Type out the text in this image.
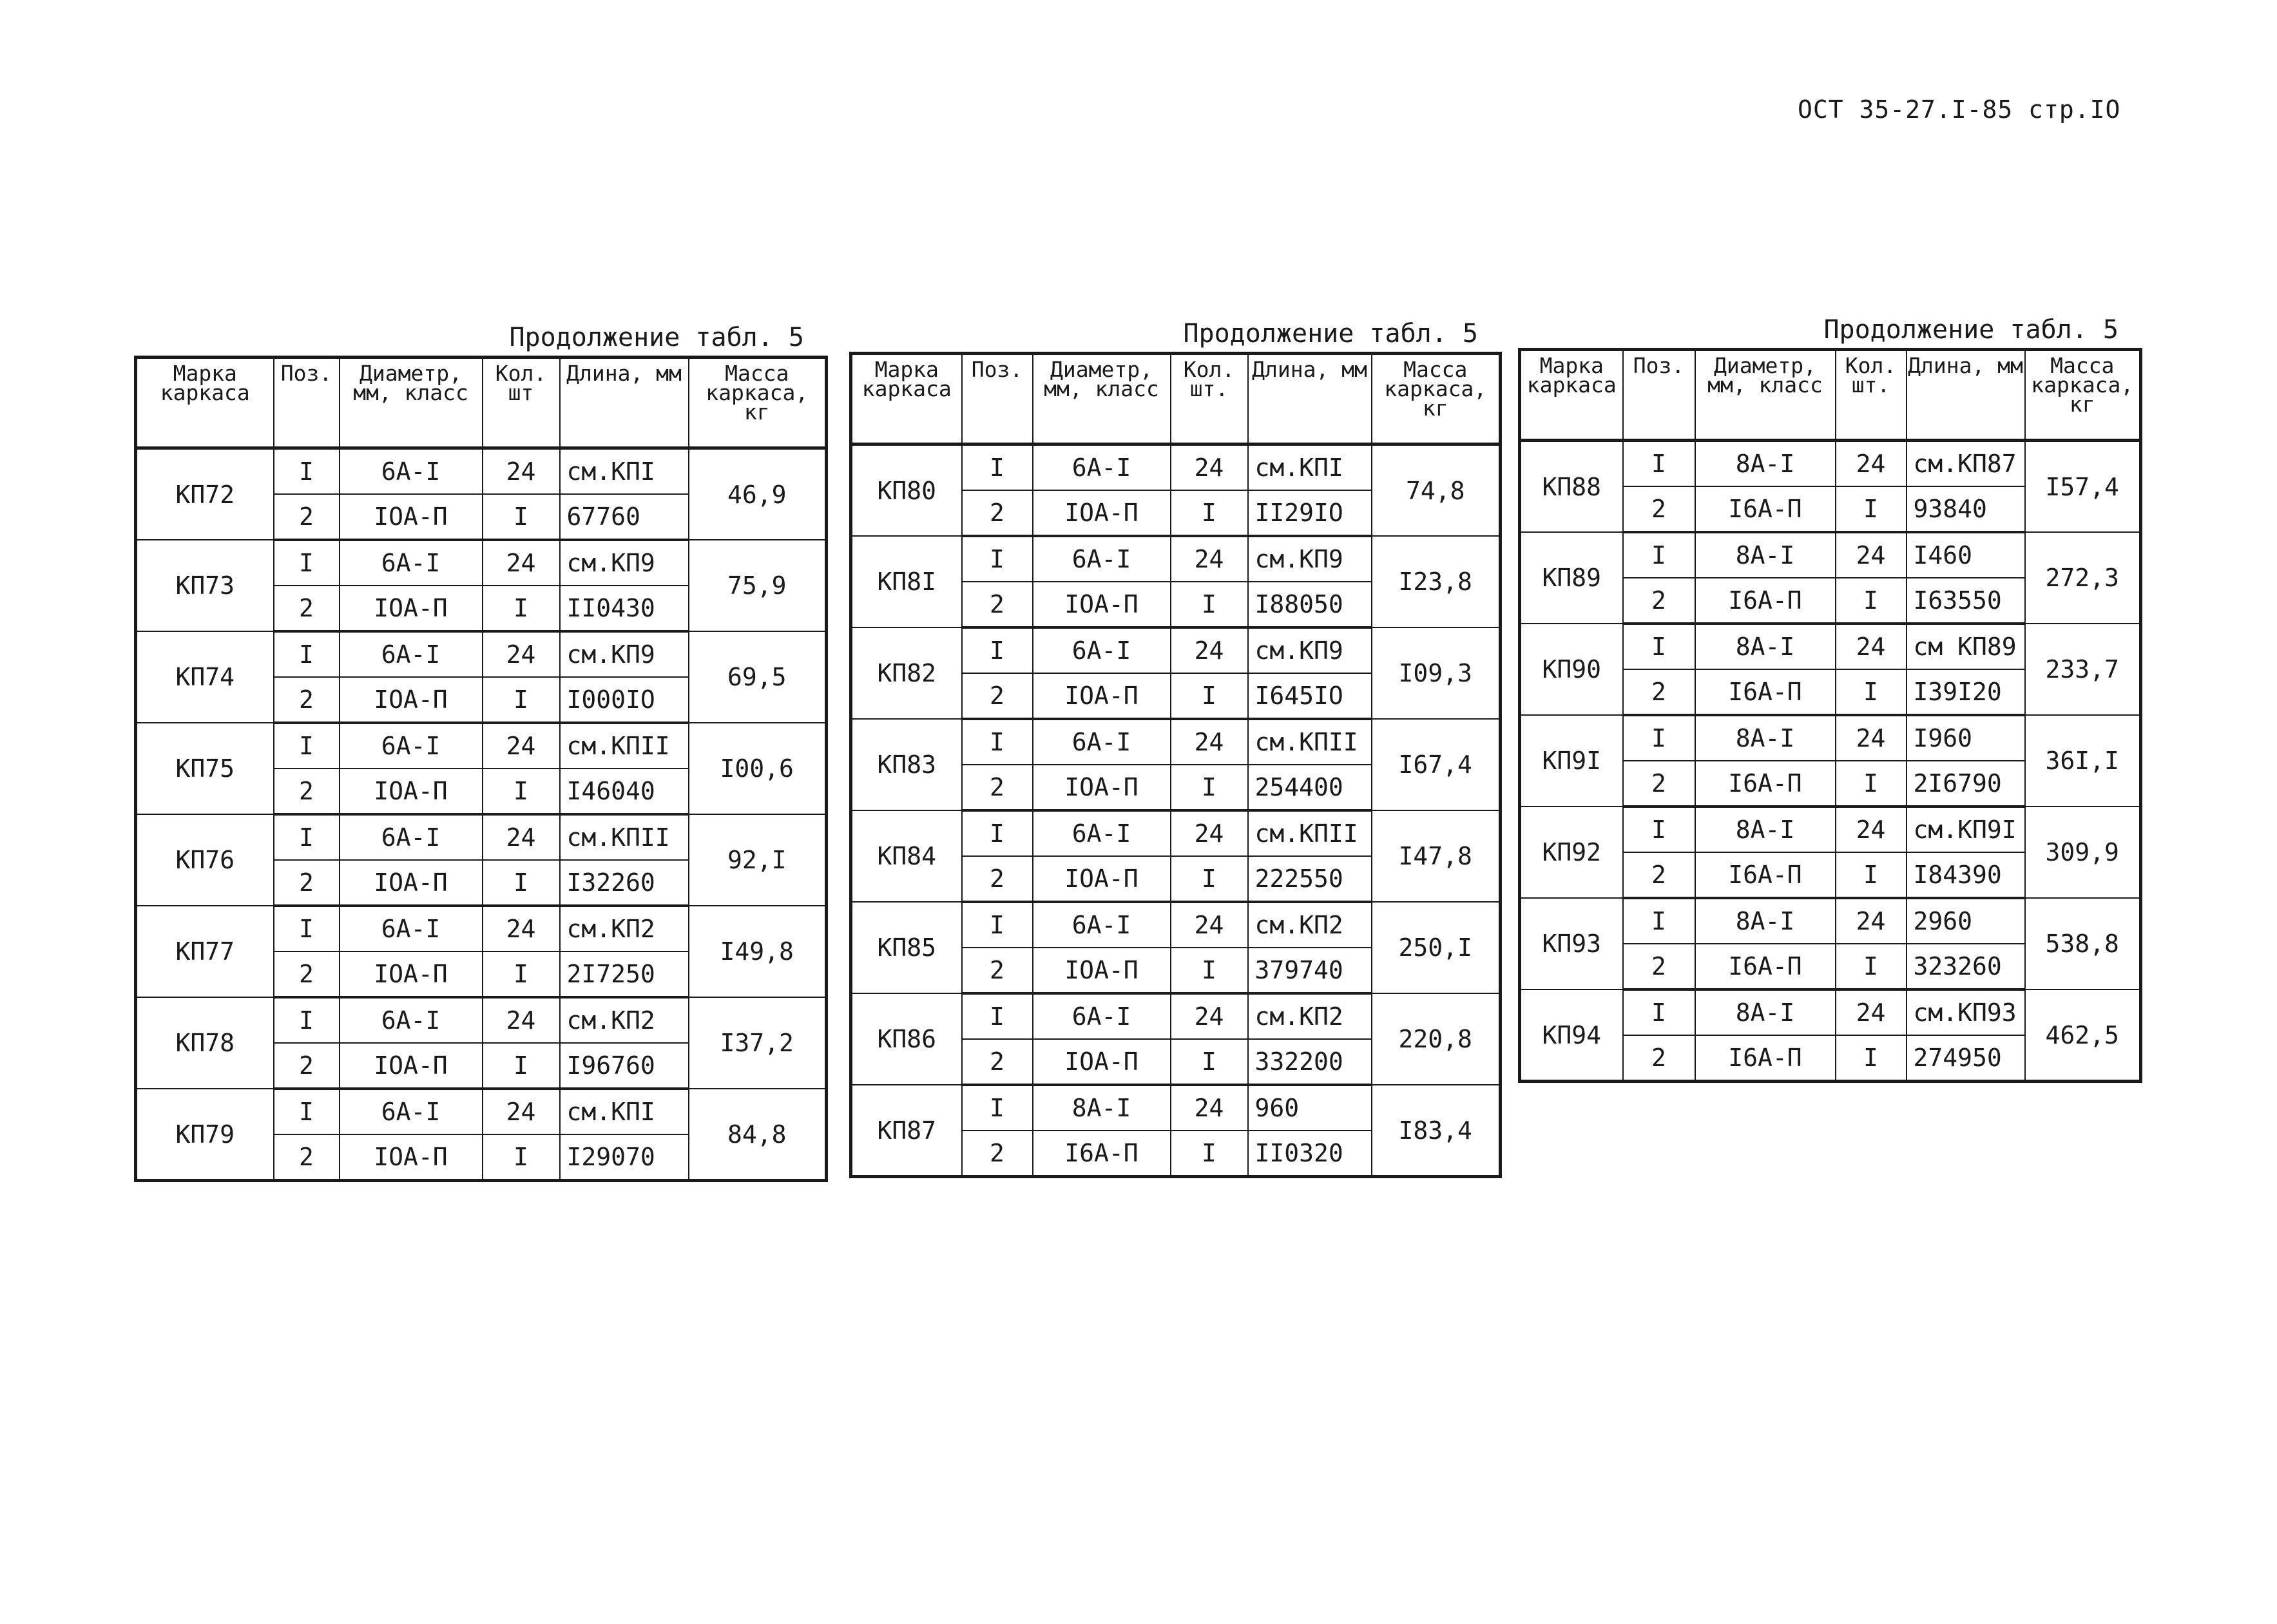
ОСТ 35-27.I-85 стр.IO
Продолжение табл. 5
Марка каркаса	Поз.	Диаметр, мм, класс	Кол. шт	Длина, мм	Масса каркаса, кг
КП72	I	6А-I	24	см.КПI	46,9
	2	IOA-П	I	67760	
КП73	I	6А-I	24	см.КП9	75,9
	2	IOA-П	I	II0430	
КП74	I	6А-I	24	см.КП9	69,5
	2	IOA-П	I	I000IO	
КП75	I	6А-I	24	см.КПII	I00,6
	2	IOA-П	I	I46040	
КП76	I	6А-I	24	см.КПII	92,I
	2	IOA-П	I	I32260	
КП77	I	6А-I	24	см.КП2	I49,8
	2	IOA-П	I	2I7250	
КП78	I	6А-I	24	см.КП2	I37,2
	2	IOA-П	I	I96760	
КП79	I	6А-I	24	см.КПI	84,8
	2	IOA-П	I	I29070	
Продолжение табл. 5
Марка каркаса	Поз.	Диаметр, мм, класс	Кол. шт.	Длина, мм	Масса каркаса, кг
КП80	I	6А-I	24	см.КПI	74,8
	2	IOA-П	I	II29IO	
КП8I	I	6А-I	24	см.КП9	I23,8
	2	IOA-П	I	I88050	
КП82	I	6А-I	24	см.КП9	I09,3
	2	IOA-П	I	I645IO	
КП83	I	6А-I	24	см.КПII	I67,4
	2	IOA-П	I	254400	
КП84	I	6А-I	24	см.КПII	I47,8
	2	IOA-П	I	222550	
КП85	I	6А-I	24	см.КП2	250,I
	2	IOA-П	I	379740	
КП86	I	6А-I	24	см.КП2	220,8
	2	IOA-П	I	332200	
КП87	I	8А-I	24	960	I83,4
	2	I6A-П	I	II0320	
Продолжение табл. 5
Марка каркаса	Поз.	Диаметр, мм, класс	Кол. шт.	Длина, мм	Масса каркаса, кг
КП88	I	8А-I	24	см.КП87	I57,4
	2	I6A-П	I	93840	
КП89	I	8А-I	24	I460	272,3
	2	I6A-П	I	I63550	
КП90	I	8А-I	24	см КП89	233,7
	2	I6A-П	I	I39I20	
КП9I	I	8А-I	24	I960	36I,I
	2	I6A-П	I	2I6790	
КП92	I	8А-I	24	см.КП9I	309,9
	2	I6A-П	I	I84390	
КП93	I	8А-I	24	2960	538,8
	2	I6A-П	I	323260	
КП94	I	8А-I	24	см.КП93	462,5
	2	I6A-П	I	274950	
